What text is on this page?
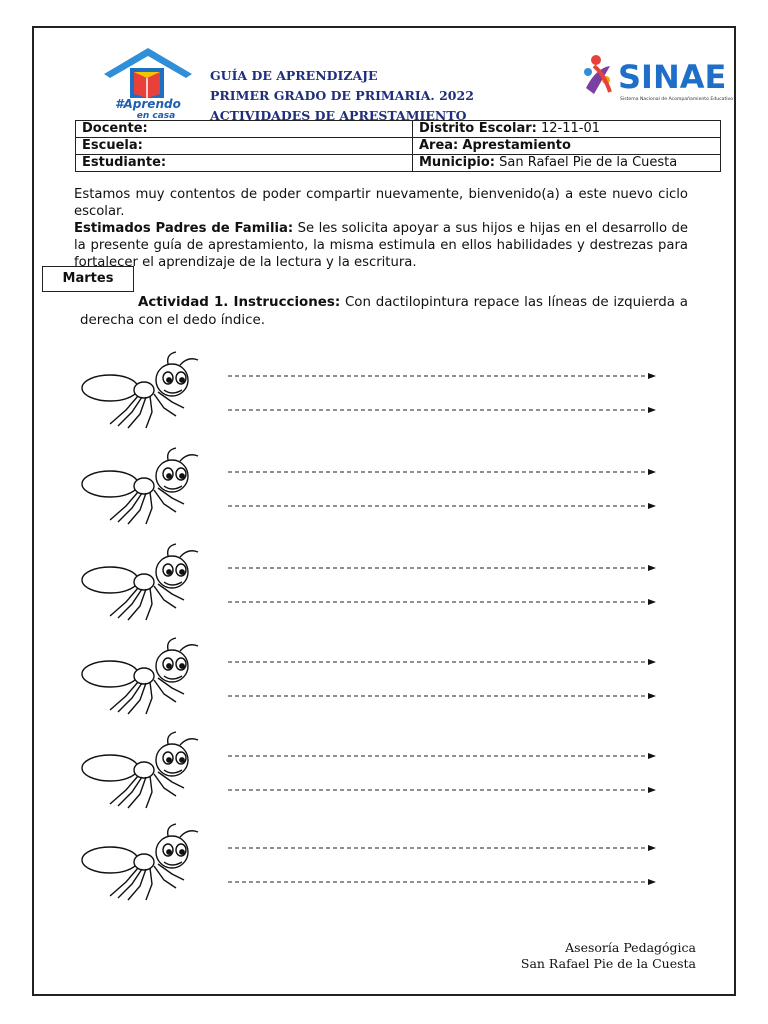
#Aprendo
en casa
GUÍA DE APRENDIZAJE
PRIMER GRADO DE PRIMARIA. 2022
ACTIVIDADES DE APRESTAMIENTO
SINAE
Sistema Nacional de Acompañamiento Educativo
Docente:	Distrito Escolar: 12-11-01
Escuela:	Area: Aprestamiento
Estudiante:	Municipio: San Rafael Pie de la Cuesta

Estamos muy contentos de poder compartir nuevamente, bienvenido(a) a este nuevo ciclo escolar.

Estimados Padres de Familia: Se les solicita apoyar a sus hijos e hijas en el desarrollo de la presente guía de aprestamiento, la misma estimula en ellos habilidades y destrezas para fortalecer el aprendizaje de la lectura y la escritura.

Martes
Actividad 1. Instrucciones: Con dactilopintura repace las líneas de izquierda a derecha con el dedo índice.
Asesoría Pedagógica
San Rafael Pie de la Cuesta
